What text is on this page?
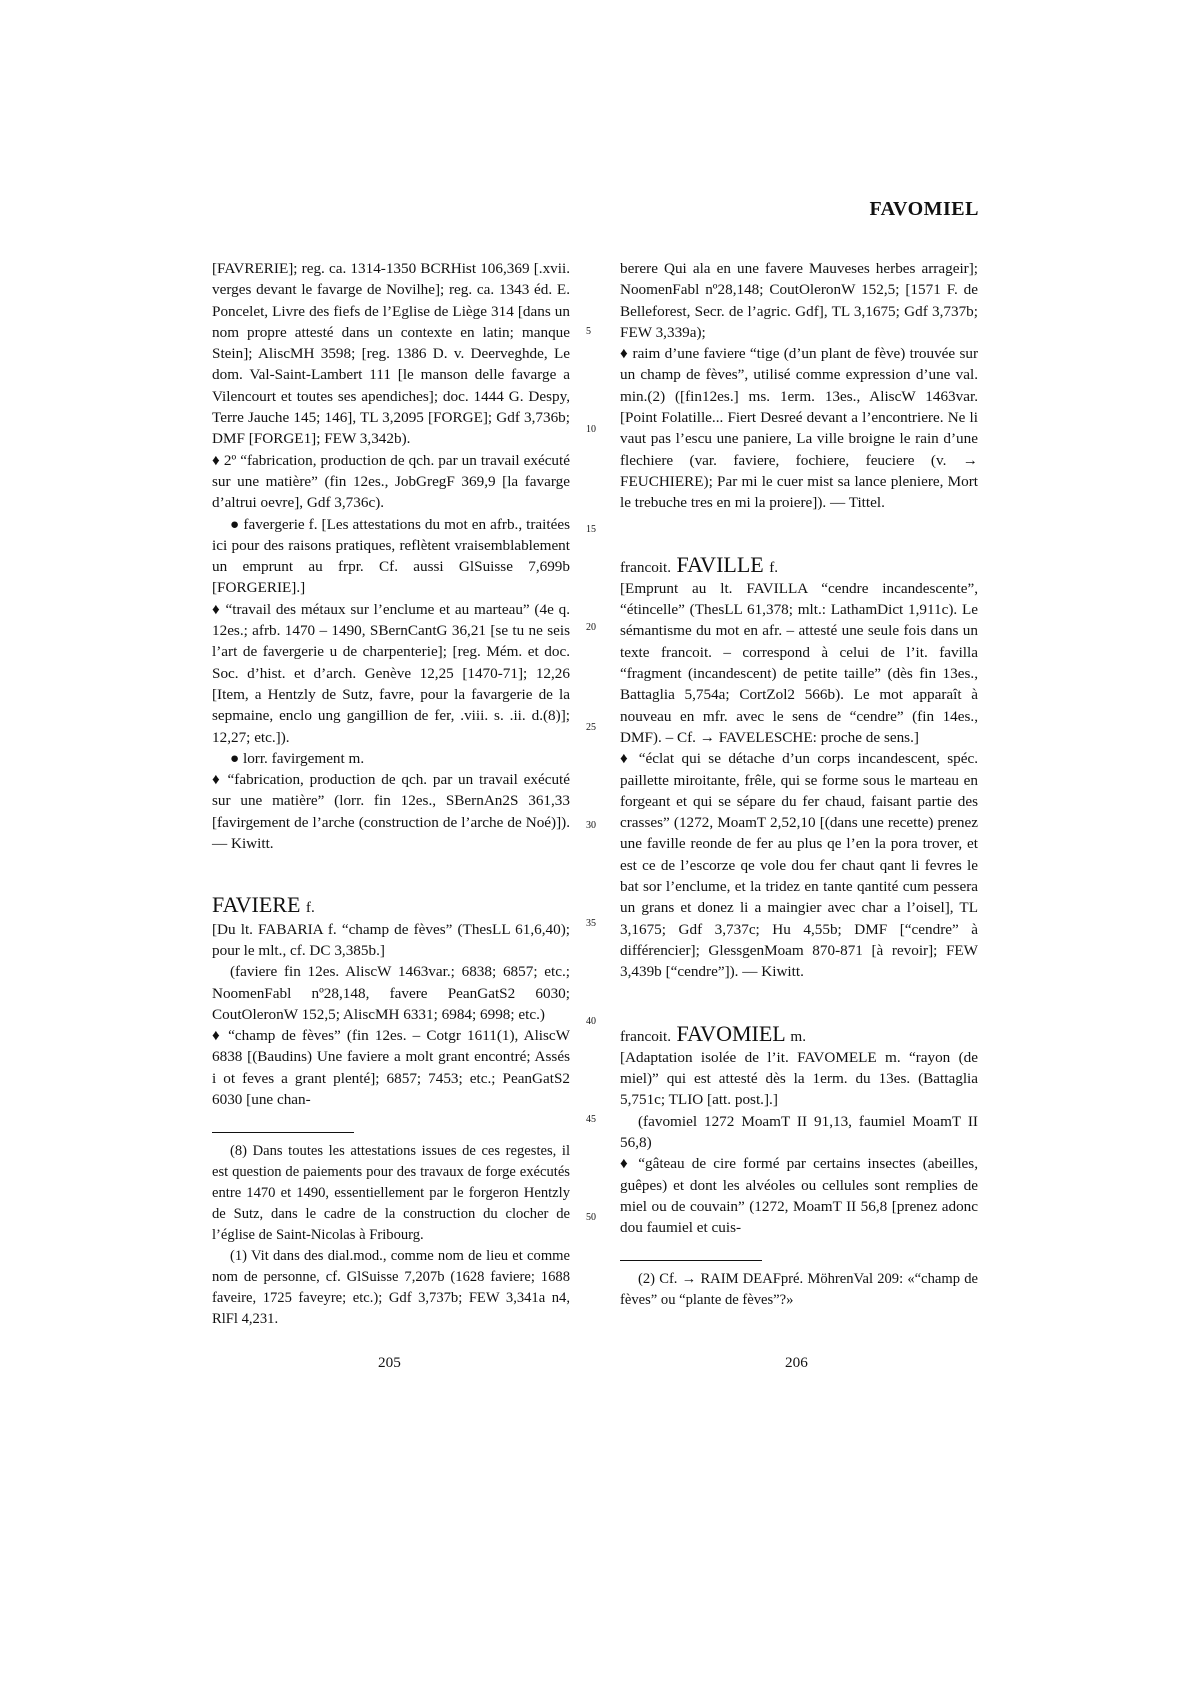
FAVOMIEL

[FAVRERIE]; reg. ca. 1314-1350 BCRHist 106,369 [.xvii. verges devant le favarge de Novilhe]; reg. ca. 1343 éd. E. Poncelet, Livre des fiefs de l’Eglise de Liège 314 [dans un nom propre attesté dans un contexte en latin; manque Stein]; AliscMH 3598; [reg. 1386 D. v. Deerveghde, Le dom. Val-Saint-Lambert 111 [le manson delle favarge a Vilencourt et toutes ses apendiches]; doc. 1444 G. Despy, Terre Jauche 145; 146], TL 3,2095 [FORGE]; Gdf 3,736b; DMF [FORGE1]; FEW 3,342b).

♦ 2º “fabrication, production de qch. par un travail exécuté sur une matière” (fin 12es., JobGregF 369,9 [la favarge d’altrui oevre], Gdf 3,736c).

● favergerie f. [Les attestations du mot en afrb., traitées ici pour des raisons pratiques, reflètent vraisemblablement un emprunt au frpr. Cf. aussi GlSuisse 7,699b [FORGERIE].]

♦ “travail des métaux sur l’enclume et au marteau” (4e q. 12es.; afrb. 1470 – 1490, SBernCantG 36,21 [se tu ne seis l’art de favergerie u de charpenterie]; [reg. Mém. et doc. Soc. d’hist. et d’arch. Genève 12,25 [1470-71]; 12,26 [Item, a Hentzly de Sutz, favre, pour la favargerie de la sepmaine, enclo ung gangillion de fer, .viii. s. .ii. d.(8)]; 12,27; etc.]).

● lorr. favirgement m.

♦ “fabrication, production de qch. par un travail exécuté sur une matière” (lorr. fin 12es., SBernAn2S 361,33 [favirgement de l’arche (construction de l’arche de Noé)]). — Kiwitt.

FAVIERE f.

[Du lt. FABARIA f. “champ de fèves” (ThesLL 61,6,40); pour le mlt., cf. DC 3,385b.]

(faviere fin 12es. AliscW 1463var.; 6838; 6857; etc.; NoomenFabl nº28,148, favere PeanGatS2 6030; CoutOleronW 152,5; AliscMH 6331; 6984; 6998; etc.)

♦ “champ de fèves” (fin 12es. – Cotgr 1611(1), AliscW 6838 [(Baudins) Une faviere a molt grant encontré; Assés i ot feves a grant plenté]; 6857; 7453; etc.; PeanGatS2 6030 [une chan-

(8) Dans toutes les attestations issues de ces regestes, il est question de paiements pour des travaux de forge exécutés entre 1470 et 1490, essentiellement par le forgeron Hentzly de Sutz, dans le cadre de la construction du clocher de l’église de Saint-Nicolas à Fribourg.

(1) Vit dans des dial.mod., comme nom de lieu et comme nom de personne, cf. GlSuisse 7,207b (1628 faviere; 1688 faveire, 1725 faveyre; etc.); Gdf 3,737b; FEW 3,341a n4, RlFl 4,231.

5
10
15
20
25
30
35
40
45
50

berere Qui ala en une favere Mauveses herbes arrageir]; NoomenFabl nº28,148; CoutOleronW 152,5; [1571 F. de Belleforest, Secr. de l’agric. Gdf], TL 3,1675; Gdf 3,737b; FEW 3,339a);

♦ raim d’une faviere “tige (d’un plant de fève) trouvée sur un champ de fèves”, utilisé comme expression d’une val. min.(2) ([fin12es.] ms. 1erm. 13es., AliscW 1463var. [Point Folatille... Fiert Desreé devant a l’encontriere. Ne li vaut pas l’escu une paniere, La ville broigne le rain d’une flechiere (var. faviere, fochiere, feuciere (v. → FEUCHIERE); Par mi le cuer mist sa lance pleniere, Mort le trebuche tres en mi la proiere]). — Tittel.

francoit. FAVILLE f.

[Emprunt au lt. FAVILLA “cendre incandescente”, “étincelle” (ThesLL 61,378; mlt.: LathamDict 1,911c). Le sémantisme du mot en afr. – attesté une seule fois dans un texte francoit. – correspond à celui de l’it. favilla “fragment (incandescent) de petite taille” (dès fin 13es., Battaglia 5,754a; CortZol2 566b). Le mot apparaît à nouveau en mfr. avec le sens de “cendre” (fin 14es., DMF). – Cf. → FAVELESCHE: proche de sens.]

♦ “éclat qui se détache d’un corps incandescent, spéc. paillette miroitante, frêle, qui se forme sous le marteau en forgeant et qui se sépare du fer chaud, faisant partie des crasses” (1272, MoamT 2,52,10 [(dans une recette) prenez une faville reonde de fer au plus qe l’en la pora trover, et est ce de l’escorze qe vole dou fer chaut qant li fevres le bat sor l’enclume, et la tridez en tante qantité cum pessera un grans et donez li a maingier avec char a l’oisel], TL 3,1675; Gdf 3,737c; Hu 4,55b; DMF [“cendre” à différencier]; GlessgenMoam 870-871 [à revoir]; FEW 3,439b [“cendre”]). — Kiwitt.

francoit. FAVOMIEL m.

[Adaptation isolée de l’it. FAVOMELE m. “rayon (de miel)” qui est attesté dès la 1erm. du 13es. (Battaglia 5,751c; TLIO [att. post.].]

(favomiel 1272 MoamT II 91,13, faumiel MoamT II 56,8)

♦ “gâteau de cire formé par certains insectes (abeilles, guêpes) et dont les alvéoles ou cellules sont remplies de miel ou de couvain” (1272, MoamT II 56,8 [prenez adonc dou faumiel et cuis-

(2) Cf. → RAIM DEAFpré. MöhrenVal 209: «“champ de fèves” ou “plante de fèves”?»

205	206
